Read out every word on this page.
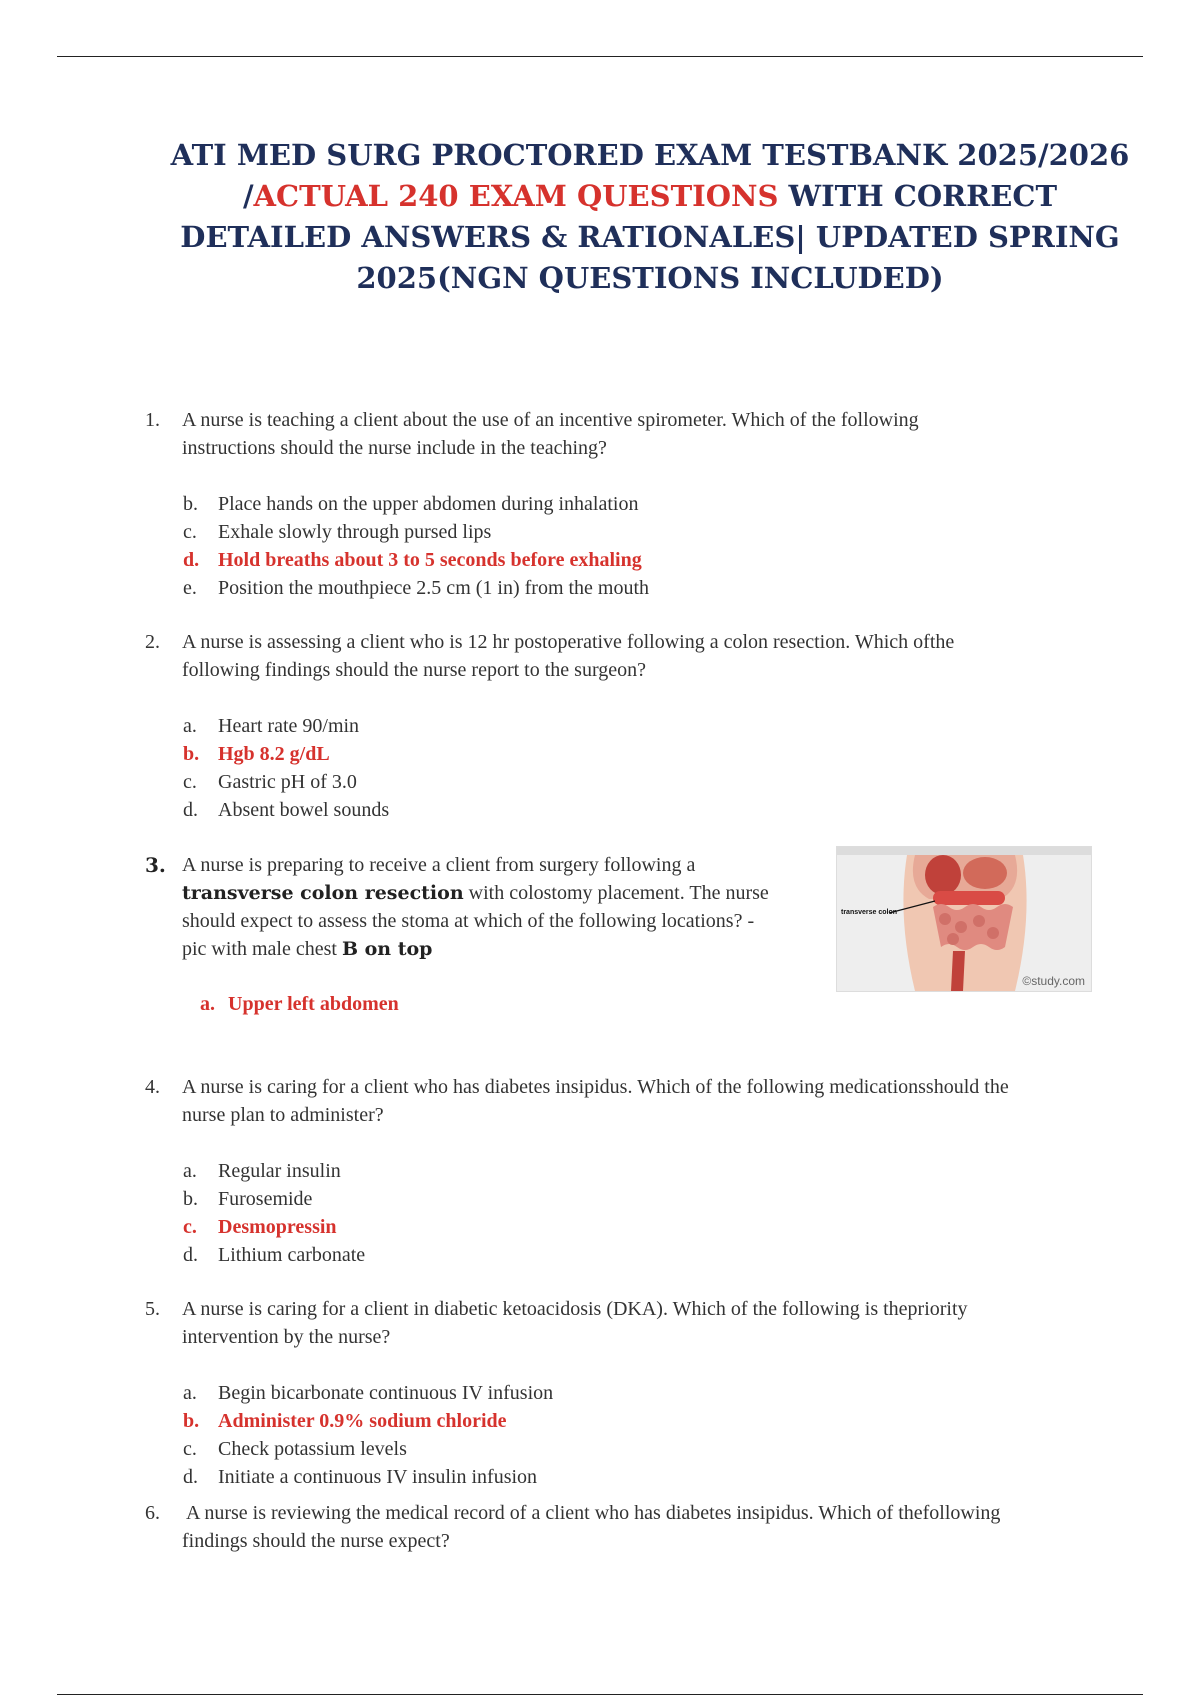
ATI MED SURG PROCTORED EXAM TESTBANK 2025/2026
/ACTUAL 240 EXAM QUESTIONS WITH CORRECT
DETAILED ANSWERS & RATIONALES| UPDATED SPRING
2025(NGN QUESTIONS INCLUDED)
1.	A nurse is teaching a client about the use of an incentive spirometer. Which of the following
instructions should the nurse include in the teaching?
b. Place hands on the upper abdomen during inhalation
c. Exhale slowly through pursed lips
d. Hold breaths about 3 to 5 seconds before exhaling
e. Position the mouthpiece 2.5 cm (1 in) from the mouth
2.	A nurse is assessing a client who is 12 hr postoperative following a colon resection. Which ofthe
following findings should the nurse report to the surgeon?
a. Heart rate 90/min
b. Hgb 8.2 g/dL
c. Gastric pH of 3.0
d. Absent bowel sounds
3. A nurse is preparing to receive a client from surgery following a
transverse colon resection with colostomy placement. The nurse
should expect to assess the stoma at which of the following locations? -
pic with male chest B on top
transverse colon
©study.com
a. Upper left abdomen
4.	A nurse is caring for a client who has diabetes insipidus. Which of the following medicationsshould the
nurse plan to administer?
a. Regular insulin
b. Furosemide
c. Desmopressin
d. Lithium carbonate
5.	A nurse is caring for a client in diabetic ketoacidosis (DKA). Which of the following is thepriority
intervention by the nurse?
a. Begin bicarbonate continuous IV infusion
b. Administer 0.9% sodium chloride
c. Check potassium levels
d. Initiate a continuous IV insulin infusion
6.	A nurse is reviewing the medical record of a client who has diabetes insipidus. Which of thefollowing
findings should the nurse expect?
